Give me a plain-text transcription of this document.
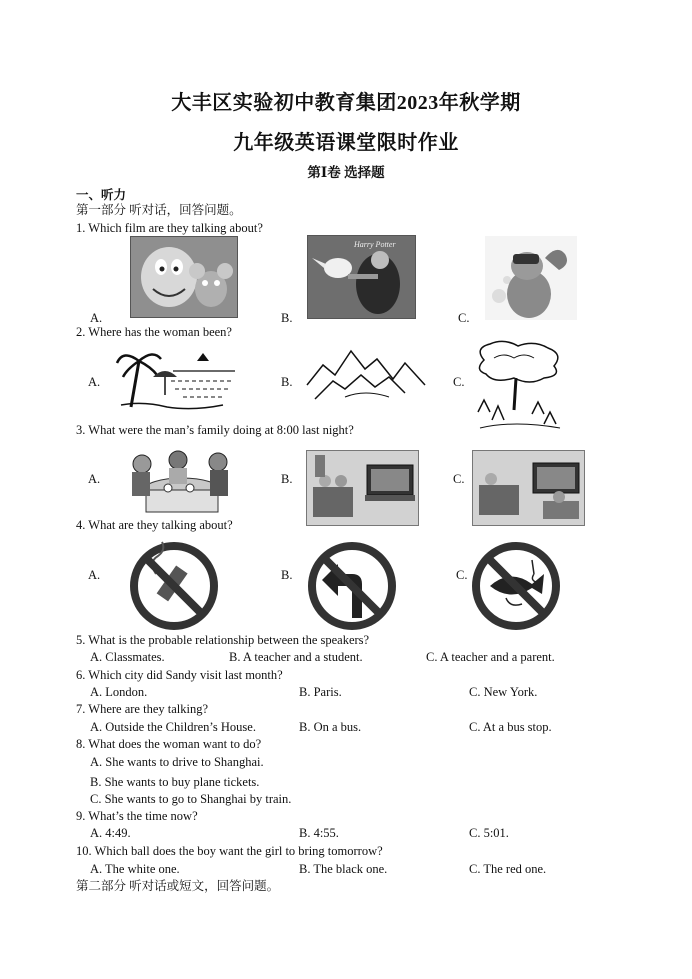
大丰区实验初中教育集团2023年秋学期
九年级英语课堂限时作业
第Ⅰ卷 选择题
一、听力
第一部分 听对话，回答问题。
1. Which film are they talking about?
A.	B.	C.
Harry Potter
2. Where has the woman been?
A.	B.	C.
3. What were the man’s family doing at 8:00 last night?
A.	B.	C.
4. What are they talking about?
A.	B.	C.
5. What is the probable relationship between the speakers?
A. Classmates.	B. A teacher and a student.	C. A teacher and a parent.
6. Which city did Sandy visit last month?
A. London.	B. Paris.	C. New York.
7. Where are they talking?
A. Outside the Children’s House.	B. On a bus.	C. At a bus stop.
8. What does the woman want to do?
A. She wants to drive to Shanghai.
B. She wants to buy plane tickets.
C. She wants to go to Shanghai by train.
9. What’s the time now?
A. 4:49.	B. 4:55.	C. 5:01.
10. Which ball does the boy want the girl to bring tomorrow?
A. The white one.	B. The black one.	C. The red one.
第二部分 听对话或短文，回答问题。
